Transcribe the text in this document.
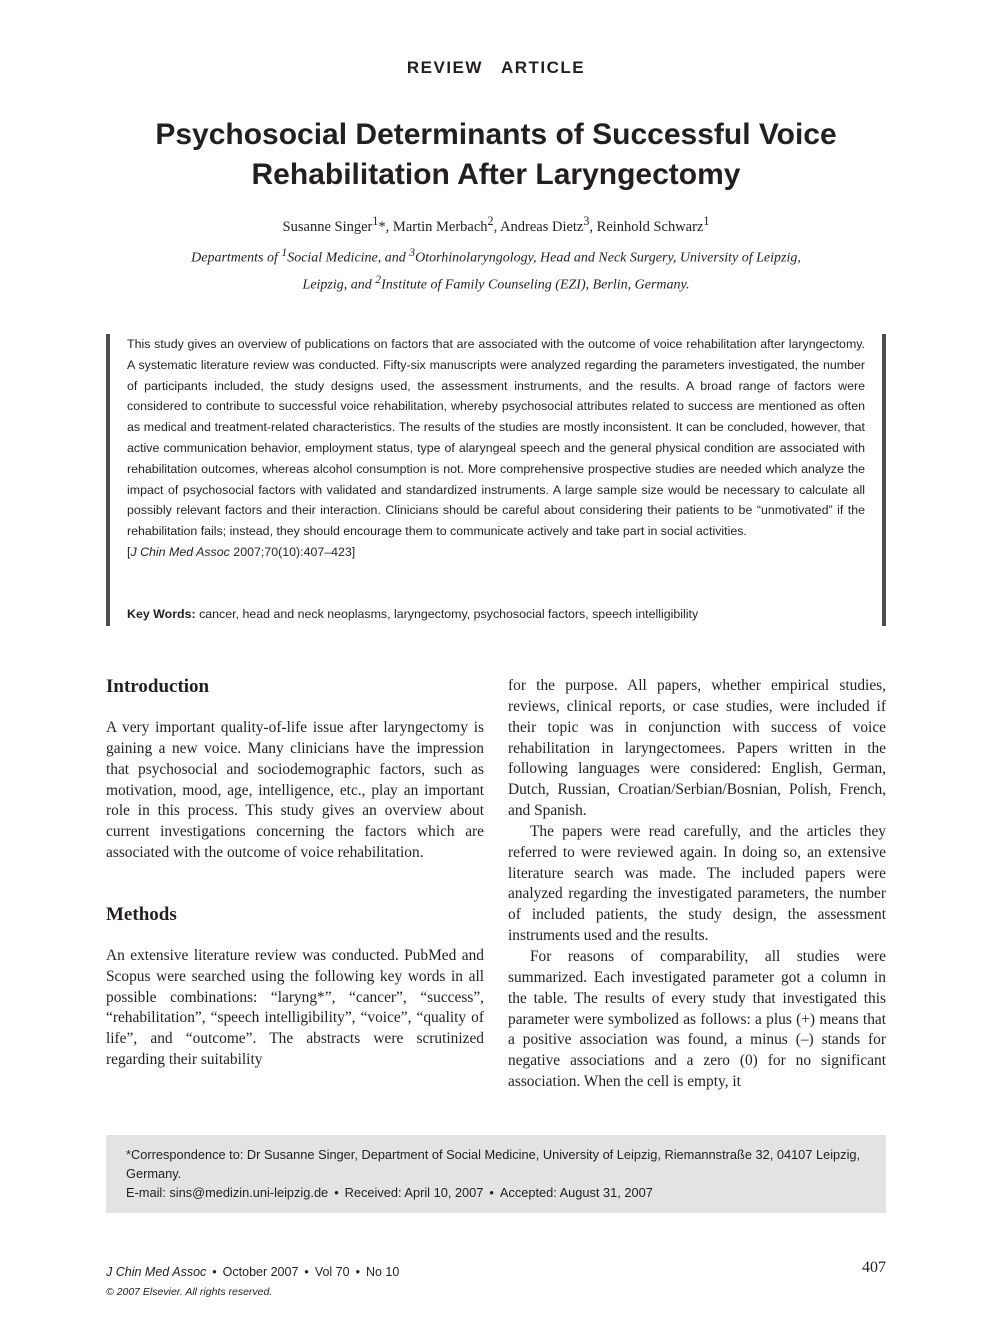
REVIEW ARTICLE
Psychosocial Determinants of Successful Voice
Rehabilitation After Laryngectomy
Susanne Singer$^1$*, Martin Merbach$^2$, Andreas Dietz$^3$, Reinhold Schwarz$^1$
Departments of $^1$Social Medicine, and $^3$Otorhinolaryngology, Head and Neck Surgery, University of Leipzig,
Leipzig, and $^2$Institute of Family Counseling (EZI), Berlin, Germany.

This study gives an overview of publications on factors that are associated with the outcome of voice rehabilitation after laryngectomy. A systematic literature review was conducted. Fifty-six manuscripts were analyzed regarding the parameters investigated, the number of participants included, the study designs used, the assessment instruments, and the results. A broad range of factors were considered to contribute to successful voice rehabilitation, whereby psychosocial attributes related to success are mentioned as often as medical and treatment-related characteristics. The results of the studies are mostly inconsistent. It can be concluded, however, that active communication behavior, employment status, type of alaryngeal speech and the general physical condition are associated with rehabilitation outcomes, whereas alcohol consumption is not. More comprehensive prospective studies are needed which analyze the impact of psychosocial factors with validated and standardized instruments. A large sample size would be necessary to calculate all possibly relevant factors and their interaction. Clinicians should be careful about considering their patients to be “unmotivated” if the rehabilitation fails; instead, they should encourage them to communicate actively and take part in social activities.
[J Chin Med Assoc 2007;70(10):407–423]

Key Words: cancer, head and neck neoplasms, laryngectomy, psychosocial factors, speech intelligibility
Introduction

A very important quality-of-life issue after laryngectomy is gaining a new voice. Many clinicians have the impression that psychosocial and sociodemographic factors, such as motivation, mood, age, intelligence, etc., play an important role in this process. This study gives an overview about current investigations concerning the factors which are associated with the outcome of voice rehabilitation.

Methods

An extensive literature review was conducted. PubMed and Scopus were searched using the following key words in all possible combinations: “laryng*”, “cancer”, “success”, “rehabilitation”, “speech intelligibility”, “voice”, “quality of life”, and “outcome”. The abstracts were scrutinized regarding their suitability

for the purpose. All papers, whether empirical studies, reviews, clinical reports, or case studies, were included if their topic was in conjunction with success of voice rehabilitation in laryngectomees. Papers written in the following languages were considered: English, German, Dutch, Russian, Croatian/Serbian/Bosnian, Polish, French, and Spanish.

The papers were read carefully, and the articles they referred to were reviewed again. In doing so, an extensive literature search was made. The included papers were analyzed regarding the investigated parameters, the number of included patients, the study design, the assessment instruments used and the results.

For reasons of comparability, all studies were summarized. Each investigated parameter got a column in the table. The results of every study that investigated this parameter were symbolized as follows: a plus (+) means that a positive association was found, a minus (–) stands for negative associations and a zero (0) for no significant association. When the cell is empty, it

*Correspondence to: Dr Susanne Singer, Department of Social Medicine, University of Leipzig, Riemannstraße 32, 04107 Leipzig, Germany.
E-mail: sins@medizin.uni-leipzig.de • Received: April 10, 2007 • Accepted: August 31, 2007
J Chin Med Assoc • October 2007 • Vol 70 • No 10
© 2007 Elsevier. All rights reserved.
407
